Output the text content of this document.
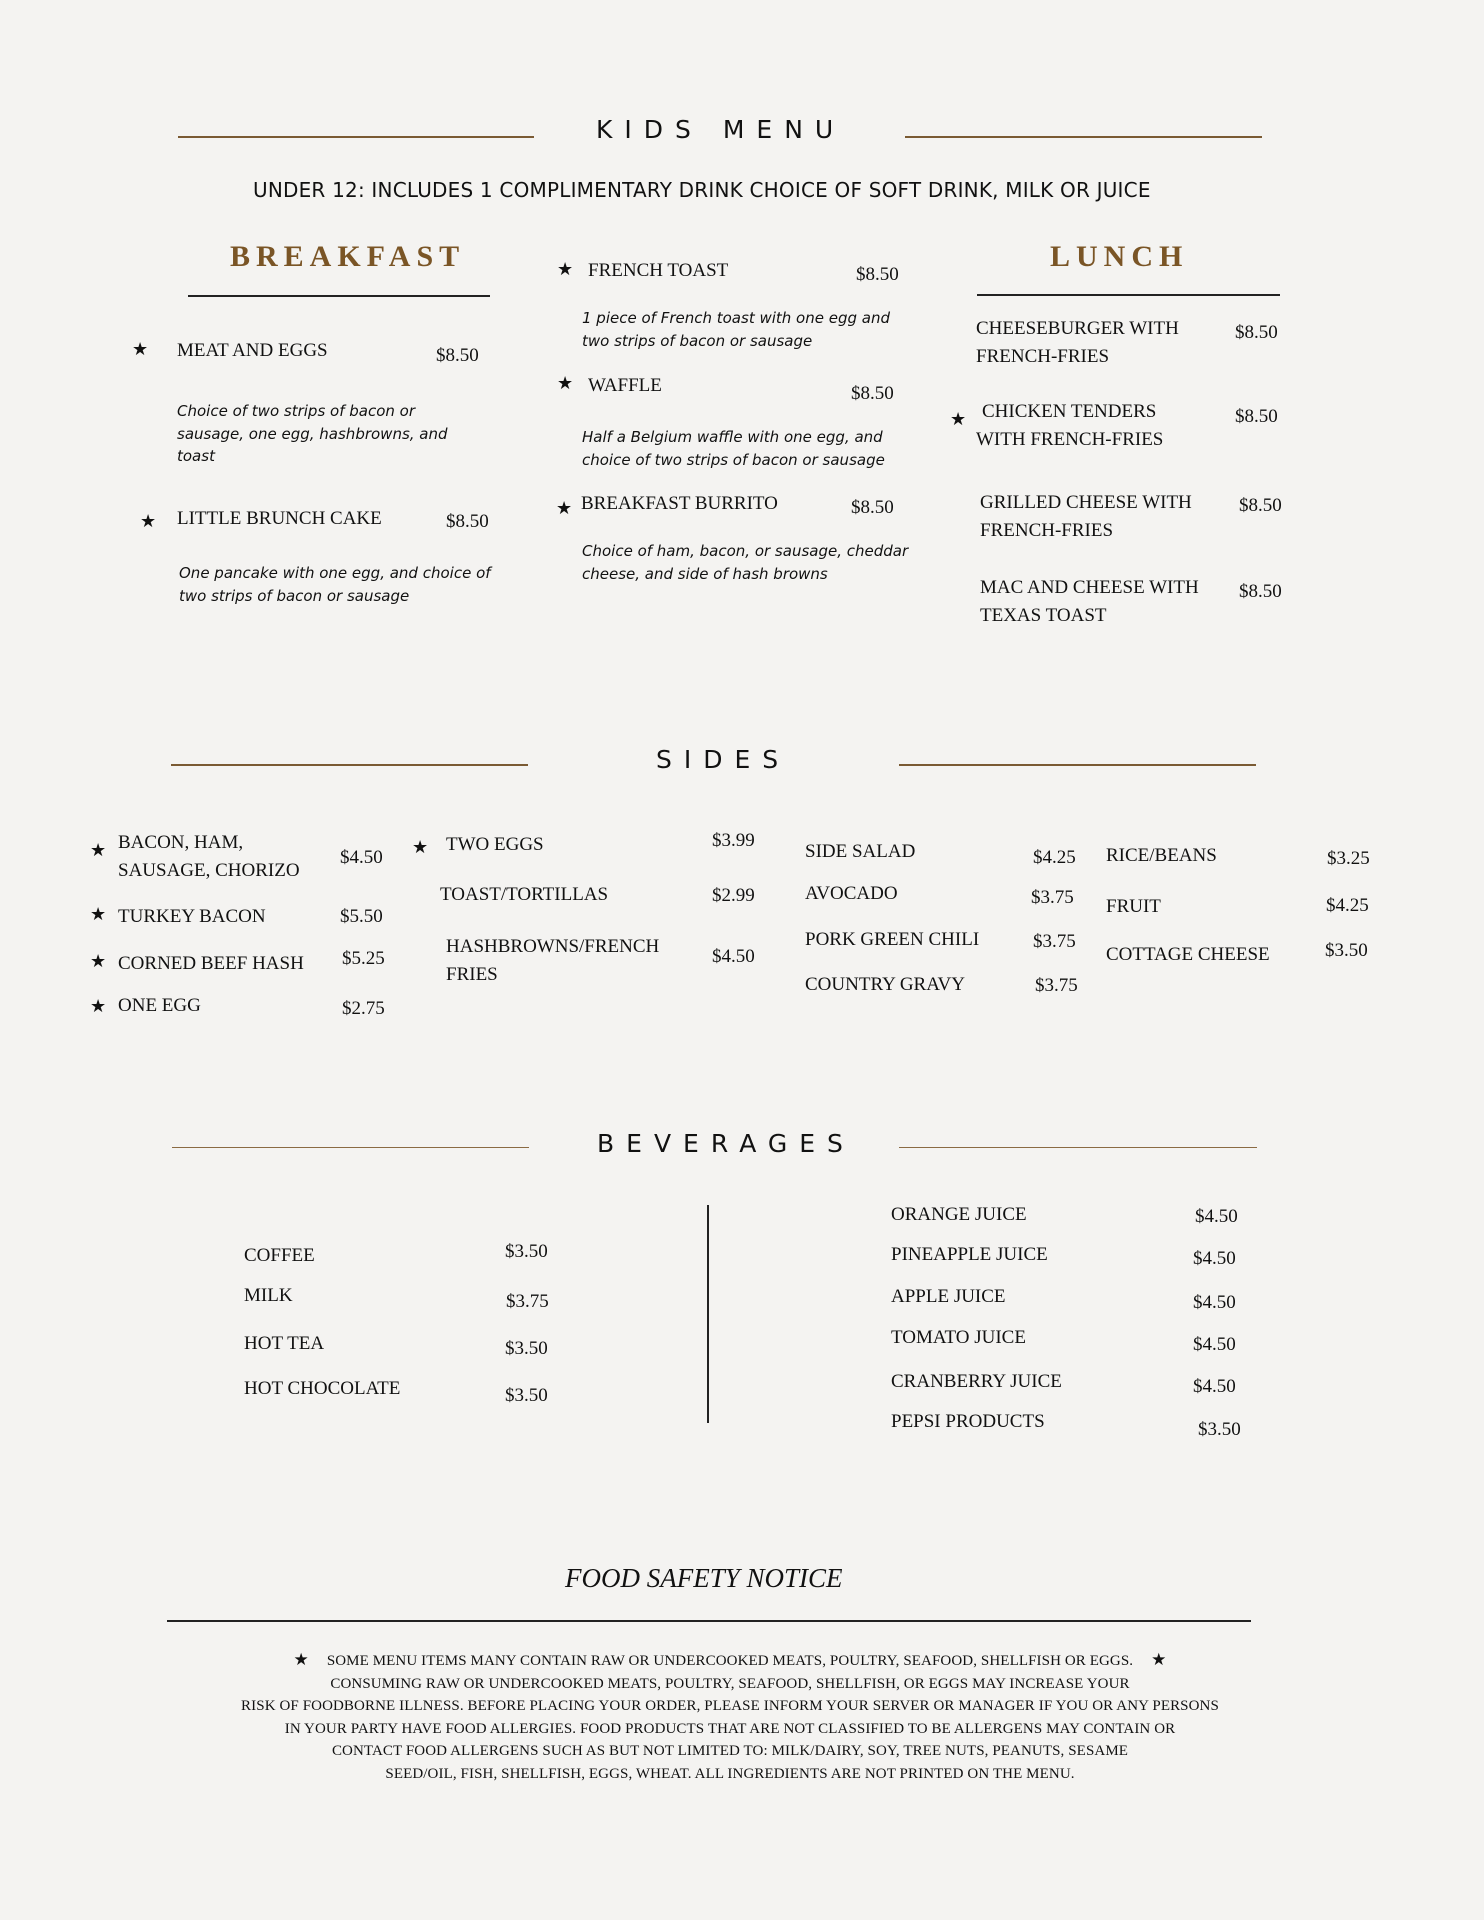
KIDS MENU
UNDER 12: INCLUDES 1 COMPLIMENTARY DRINK CHOICE OF SOFT DRINK, MILK OR JUICE
BREAKFAST
★ MEAT AND EGGS	$8.50
Choice of two strips of bacon or sausage, one egg, hashbrowns, and toast
★ LITTLE BRUNCH CAKE	$8.50
One pancake with one egg, and choice of two strips of bacon or sausage
★ FRENCH TOAST	$8.50
1 piece of French toast with one egg and two strips of bacon or sausage
★ WAFFLE	$8.50
Half a Belgium waffle with one egg, and choice of two strips of bacon or sausage
★ BREAKFAST BURRITO	$8.50
Choice of ham, bacon, or sausage, cheddar cheese, and side of hash browns
LUNCH
CHEESEBURGER WITH
FRENCH-FRIES
$8.50
★ CHICKEN TENDERS
WITH FRENCH-FRIES
$8.50
GRILLED CHEESE WITH
FRENCH-FRIES
$8.50
MAC AND CHEESE WITH
TEXAS TOAST
$8.50
SIDES
★ BACON, HAM,
SAUSAGE, CHORIZO
$4.50
★ TURKEY BACON	$5.50
★ CORNED BEEF HASH $5.25
★ ONE EGG	$2.75
★ TWO EGGS	$3.99
TOAST/TORTILLAS	$2.99
HASHBROWNS/FRENCH
FRIES
$4.50
SIDE SALAD	$4.25
AVOCADO	$3.75
PORK GREEN CHILI	$3.75
COUNTRY GRAVY	$3.75
RICE/BEANS	$3.25
FRUIT	$4.25
COTTAGE CHEESE	$3.50
BEVERAGES
COFFEE	$3.50
MILK	$3.75
HOT TEA	$3.50
HOT CHOCOLATE	$3.50
ORANGE JUICE	$4.50
PINEAPPLE JUICE	$4.50
APPLE JUICE	$4.50
TOMATO JUICE	$4.50
CRANBERRY JUICE	$4.50
PEPSI PRODUCTS	$3.50
FOOD SAFETY NOTICE
★ SOME MENU ITEMS MANY CONTAIN RAW OR UNDERCOOKED MEATS, POULTRY, SEAFOOD, SHELLFISH OR EGGS. ★
CONSUMING RAW OR UNDERCOOKED MEATS, POULTRY, SEAFOOD, SHELLFISH, OR EGGS MAY INCREASE YOUR
RISK OF FOODBORNE ILLNESS. BEFORE PLACING YOUR ORDER, PLEASE INFORM YOUR SERVER OR MANAGER IF YOU OR ANY PERSONS
IN YOUR PARTY HAVE FOOD ALLERGIES. FOOD PRODUCTS THAT ARE NOT CLASSIFIED TO BE ALLERGENS MAY CONTAIN OR
CONTACT FOOD ALLERGENS SUCH AS BUT NOT LIMITED TO: MILK/DAIRY, SOY, TREE NUTS, PEANUTS, SESAME
SEED/OIL, FISH, SHELLFISH, EGGS, WHEAT. ALL INGREDIENTS ARE NOT PRINTED ON THE MENU.
